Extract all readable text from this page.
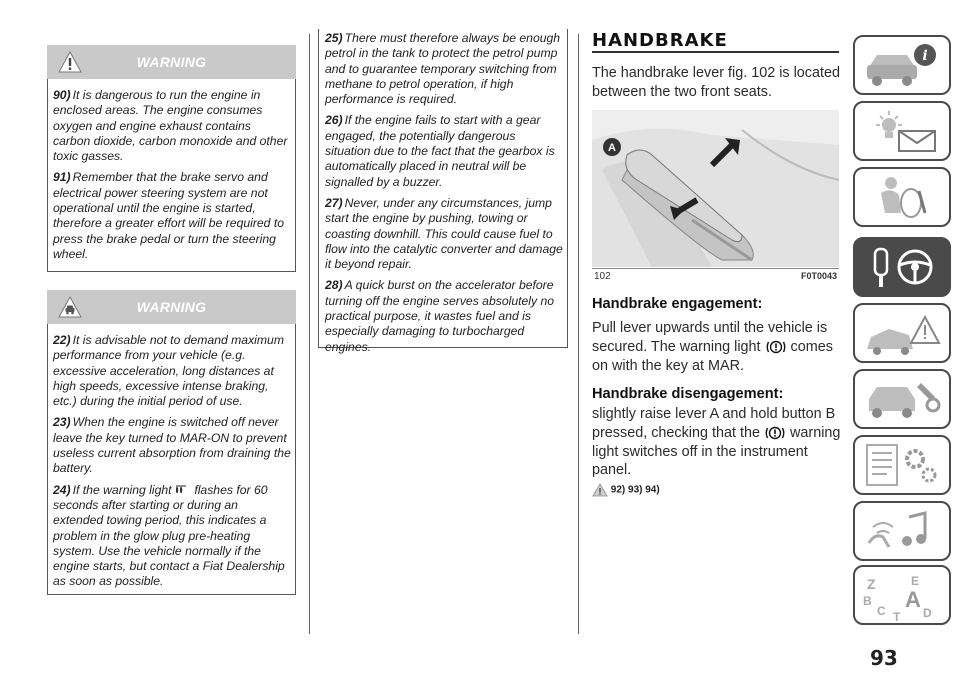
WARNING

90) It is dangerous to run the engine in enclosed areas. The engine consumes oxygen and engine exhaust contains carbon dioxide, carbon monoxide and other toxic gasses.

91) Remember that the brake servo and electrical power steering system are not operational until the engine is started, therefore a greater effort will be required to press the brake pedal or turn the steering wheel.

WARNING

22) It is advisable not to demand maximum performance from your vehicle (e.g. excessive acceleration, long distances at high speeds, excessive intense braking, etc.) during the initial period of use.

23) When the engine is switched off never leave the key turned to MAR-ON to prevent useless current absorption from draining the battery.

24) If the warning light flashes for 60 seconds after starting or during an extended towing period, this indicates a problem in the glow plug pre-heating system. Use the vehicle normally if the engine starts, but contact a Fiat Dealership as soon as possible.

25) There must therefore always be enough petrol in the tank to protect the petrol pump and to guarantee temporary switching from methane to petrol operation, if high performance is required.

26) If the engine fails to start with a gear engaged, the potentially dangerous situation due to the fact that the gearbox is automatically placed in neutral will be signalled by a buzzer.

27) Never, under any circumstances, jump start the engine by pushing, towing or coasting downhill. This could cause fuel to flow into the catalytic converter and damage it beyond repair.

28) A quick burst on the accelerator before turning off the engine serves absolutely no practical purpose, it wastes fuel and is especially damaging to turbocharged engines.

HANDBRAKE
The handbrake lever fig. 102 is located between the two front seats.
A
102	F0T0043
Handbrake engagement:
Pull lever upwards until the vehicle is secured. The warning light comes on with the key at MAR.
Handbrake disengagement:
slightly raise lever A and hold button B pressed, checking that the warning light switches off in the instrument panel.
92) 93) 94)
i
Z	E
B A
C T D
93
